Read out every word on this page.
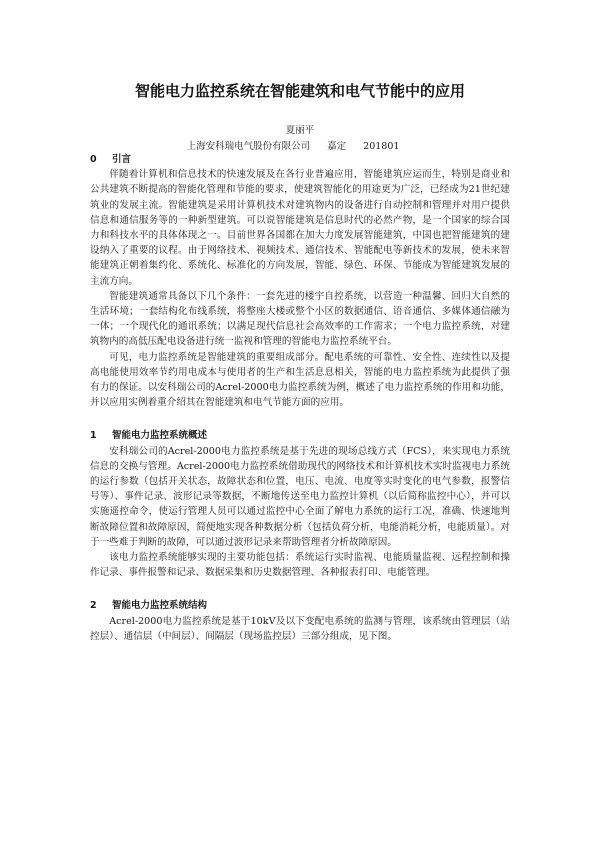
智能电力监控系统在智能建筑和电气节能中的应用
夏丽平
上海安科瑞电气股份有限公司 嘉定 201801
0 引言

伴随着计算机和信息技术的快速发展及在各行业普遍应用，智能建筑应运而生，特别是商业和公共建筑不断提高的智能化管理和节能的要求，使建筑智能化的用途更为广泛，已经成为21世纪建筑业的发展主流。智能建筑是采用计算机技术对建筑物内的设备进行自动控制和管理并对用户提供信息和通信服务等的一种新型建筑。可以说智能建筑是信息时代的必然产物，是一个国家的综合国力和科技水平的具体体现之一。目前世界各国都在加大力度发展智能建筑，中国也把智能建筑的建设纳入了重要的议程。由于网络技术、视频技术、通信技术、智能配电等新技术的发展，使未来智能建筑正朝着集约化、系统化、标准化的方向发展，智能、绿色、环保、节能成为智能建筑发展的主流方向。

智能建筑通常具备以下几个条件：一套先进的楼宇自控系统，以营造一种温馨、回归大自然的生活环境；一套结构化布线系统，将整座大楼或整个小区的数据通信、语音通信、多媒体通信融为一体；一个现代化的通讯系统；以满足现代信息社会高效率的工作需求；一个电力监控系统，对建筑物内的高低压配电设备进行统一监视和管理的智能电力监控系统平台。

可见，电力监控系统是智能建筑的重要组成部分。配电系统的可靠性、安全性、连续性以及提高电能使用效率节约用电成本与使用者的生产和生活息息相关，智能的电力监控系统为此提供了强有力的保证。以安科瑞公司的Acrel-2000电力监控系统为例，概述了电力监控系统的作用和功能，并以应用实例着重介绍其在智能建筑和电气节能方面的应用。

1 智能电力监控系统概述

安科瑞公司的Acrel-2000电力监控系统是基于先进的现场总线方式（FCS），来实现电力系统信息的交换与管理。Acrel-2000电力监控系统借助现代的网络技术和计算机技术实时监视电力系统的运行参数（包括开关状态，故障状态和位置，电压、电流、电度等实时变化的电气参数，报警信号等）、事件记录、波形记录等数据，不断地传送至电力监控计算机（以后简称监控中心），并可以实施遥控命令，使运行管理人员可以通过监控中心全面了解电力系统的运行工况，准确、快速地判断故障位置和故障原因，简便地实现各种数据分析（包括负荷分析，电能消耗分析，电能质量）。对于一些难于判断的故障，可以通过波形记录来帮助管理者分析故障原因。

该电力监控系统能够实现的主要功能包括：系统运行实时监视、电能质量监视、远程控制和操作记录、事件报警和记录、数据采集和历史数据管理、各种报表打印、电能管理。

2 智能电力监控系统结构

Acrel-2000电力监控系统是基于10kV及以下变配电系统的监测与管理，该系统由管理层（站控层）、通信层（中间层）、间隔层（现场监控层）三部分组成，见下图。
